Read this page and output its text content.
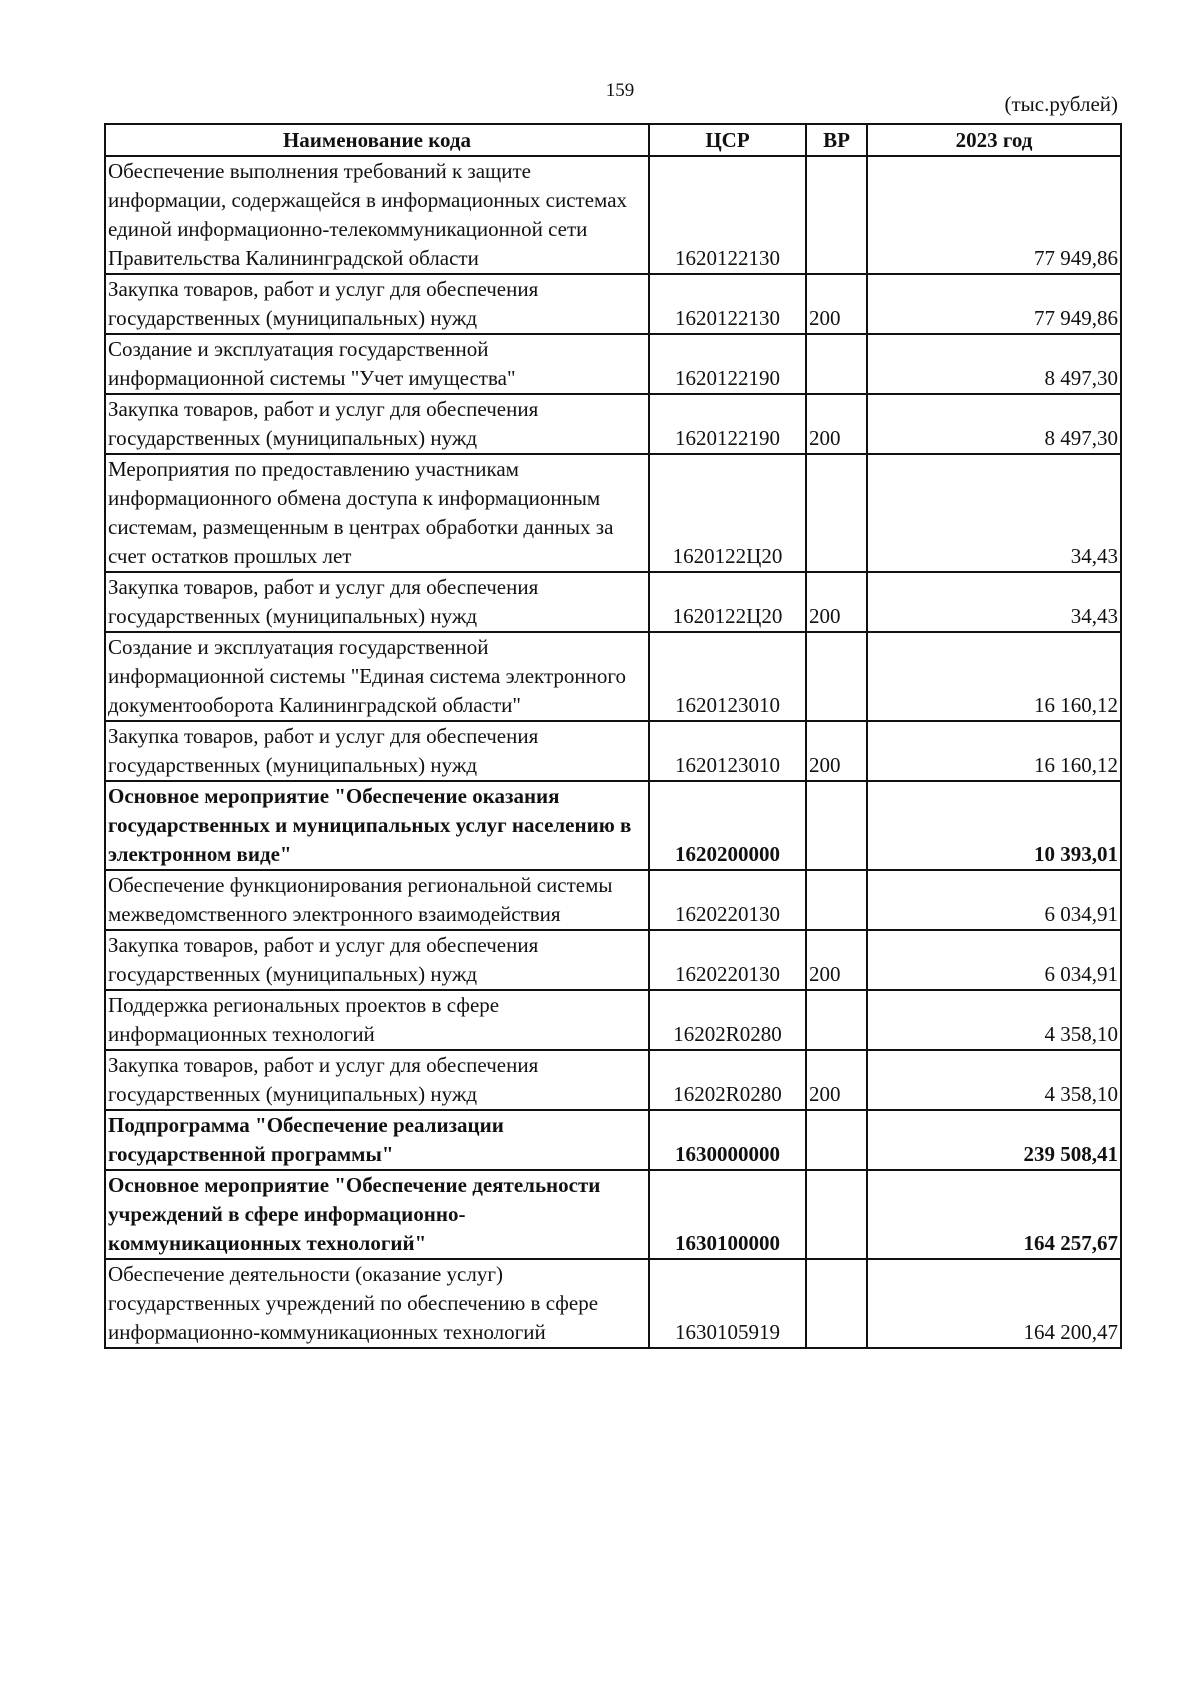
159
(тыс.рублей)
Наименование кода	ЦСР	ВР	2023 год
Обеспечение выполнения требований к защите информации, содержащейся в информационных системах единой информационно-телекоммуникационной сети Правительства Калининградской области	1620122130		77 949,86
Закупка товаров, работ и услуг для обеспечения государственных (муниципальных) нужд	1620122130	200	77 949,86
Создание и эксплуатация государственной информационной системы "Учет имущества"	1620122190		8 497,30
Закупка товаров, работ и услуг для обеспечения государственных (муниципальных) нужд	1620122190	200	8 497,30
Мероприятия по предоставлению участникам информационного обмена доступа к информационным системам, размещенным в центрах обработки данных за счет остатков прошлых лет	1620122Ц20		34,43
Закупка товаров, работ и услуг для обеспечения государственных (муниципальных) нужд	1620122Ц20	200	34,43
Создание и эксплуатация государственной информационной системы "Единая система электронного документооборота Калининградской области"	1620123010		16 160,12
Закупка товаров, работ и услуг для обеспечения государственных (муниципальных) нужд	1620123010	200	16 160,12
Основное мероприятие "Обеспечение оказания государственных и муниципальных услуг населению в электронном виде"	1620200000		10 393,01
Обеспечение функционирования региональной системы межведомственного электронного взаимодействия	1620220130		6 034,91
Закупка товаров, работ и услуг для обеспечения государственных (муниципальных) нужд	1620220130	200	6 034,91
Поддержка региональных проектов в сфере информационных технологий	16202R0280		4 358,10
Закупка товаров, работ и услуг для обеспечения государственных (муниципальных) нужд	16202R0280	200	4 358,10
Подпрограмма "Обеспечение реализации государственной программы"	1630000000		239 508,41
Основное мероприятие "Обеспечение деятельности учреждений в сфере информационно-коммуникационных технологий"	1630100000		164 257,67
Обеспечение деятельности (оказание услуг) государственных учреждений по обеспечению в сфере информационно-коммуникационных технологий	1630105919		164 200,47
